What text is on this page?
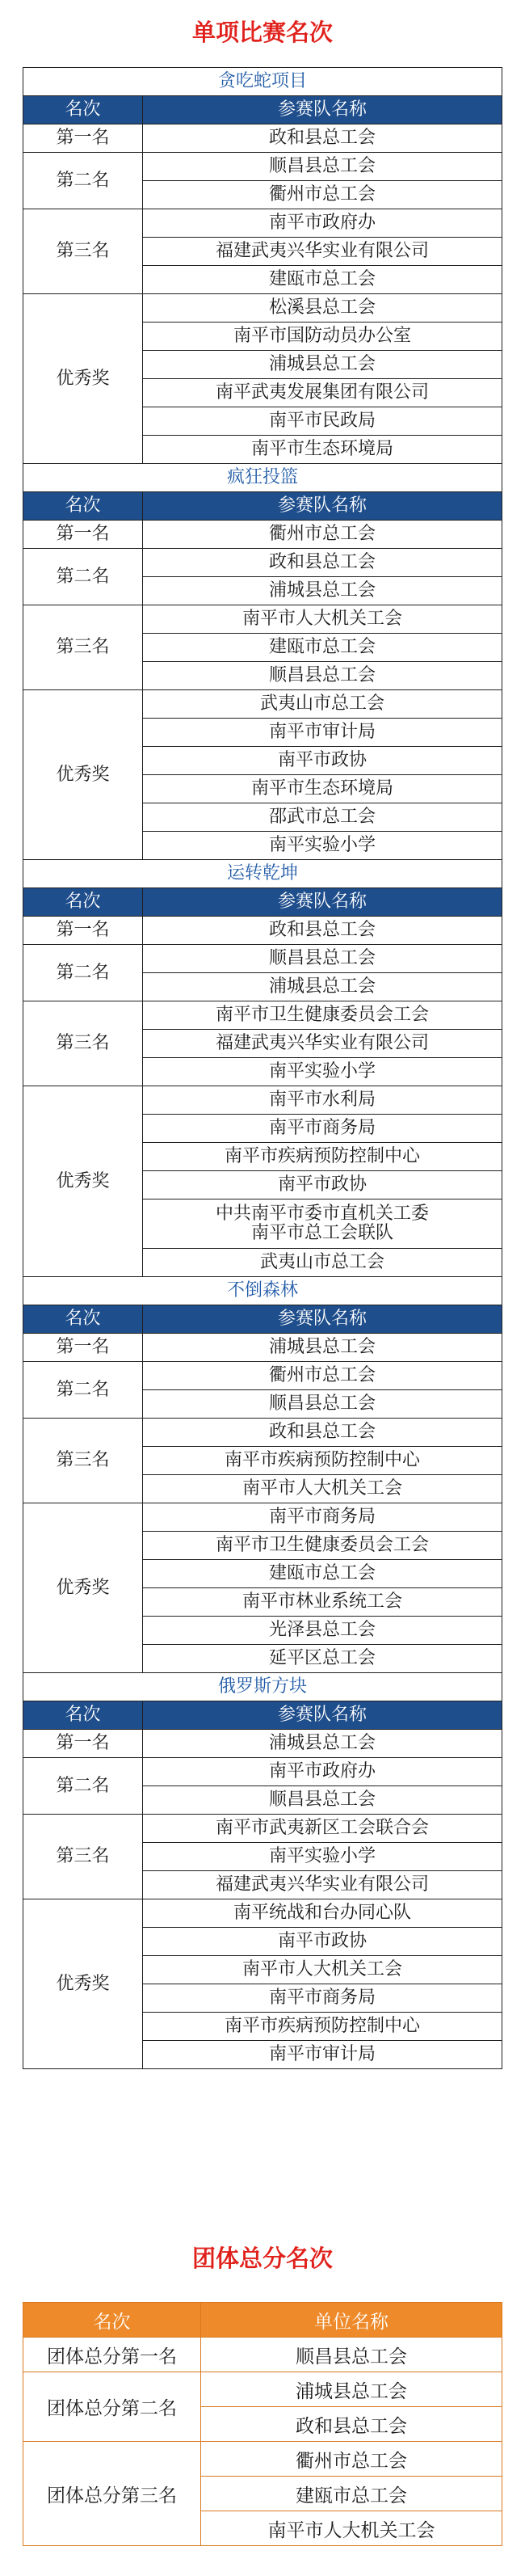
单项比赛名次
贪吃蛇项目	
名次	参赛队名称
第一名	政和县总工会
第二名	顺昌县总工会
	衢州市总工会
第三名	南平市政府办
	福建武夷兴华实业有限公司
	建瓯市总工会
优秀奖	松溪县总工会
	南平市国防动员办公室
	浦城县总工会
	南平武夷发展集团有限公司
	南平市民政局
	南平市生态环境局
疯狂投篮	
名次	参赛队名称
第一名	衢州市总工会
第二名	政和县总工会
	浦城县总工会
第三名	南平市人大机关工会
	建瓯市总工会
	顺昌县总工会
优秀奖	武夷山市总工会
	南平市审计局
	南平市政协
	南平市生态环境局
	邵武市总工会
	南平实验小学
运转乾坤	
名次	参赛队名称
第一名	政和县总工会
第二名	顺昌县总工会
	浦城县总工会
第三名	南平市卫生健康委员会工会
	福建武夷兴华实业有限公司
	南平实验小学
优秀奖	南平市水利局
	南平市商务局
	南平市疾病预防控制中心
	南平市政协
	中共南平市委市直机关工委
南平市总工会联队
	武夷山市总工会
不倒森林	
名次	参赛队名称
第一名	浦城县总工会
第二名	衢州市总工会
	顺昌县总工会
第三名	政和县总工会
	南平市疾病预防控制中心
	南平市人大机关工会
优秀奖	南平市商务局
	南平市卫生健康委员会工会
	建瓯市总工会
	南平市林业系统工会
	光泽县总工会
	延平区总工会
俄罗斯方块	
名次	参赛队名称
第一名	浦城县总工会
第二名	南平市政府办
	顺昌县总工会
第三名	南平市武夷新区工会联合会
	南平实验小学
	福建武夷兴华实业有限公司
优秀奖	南平统战和台办同心队
	南平市政协
	南平市人大机关工会
	南平市商务局
	南平市疾病预防控制中心
	南平市审计局
团体总分名次
名次	单位名称
团体总分第一名	顺昌县总工会
团体总分第二名	浦城县总工会
	政和县总工会
团体总分第三名	衢州市总工会
	建瓯市总工会
	南平市人大机关工会
